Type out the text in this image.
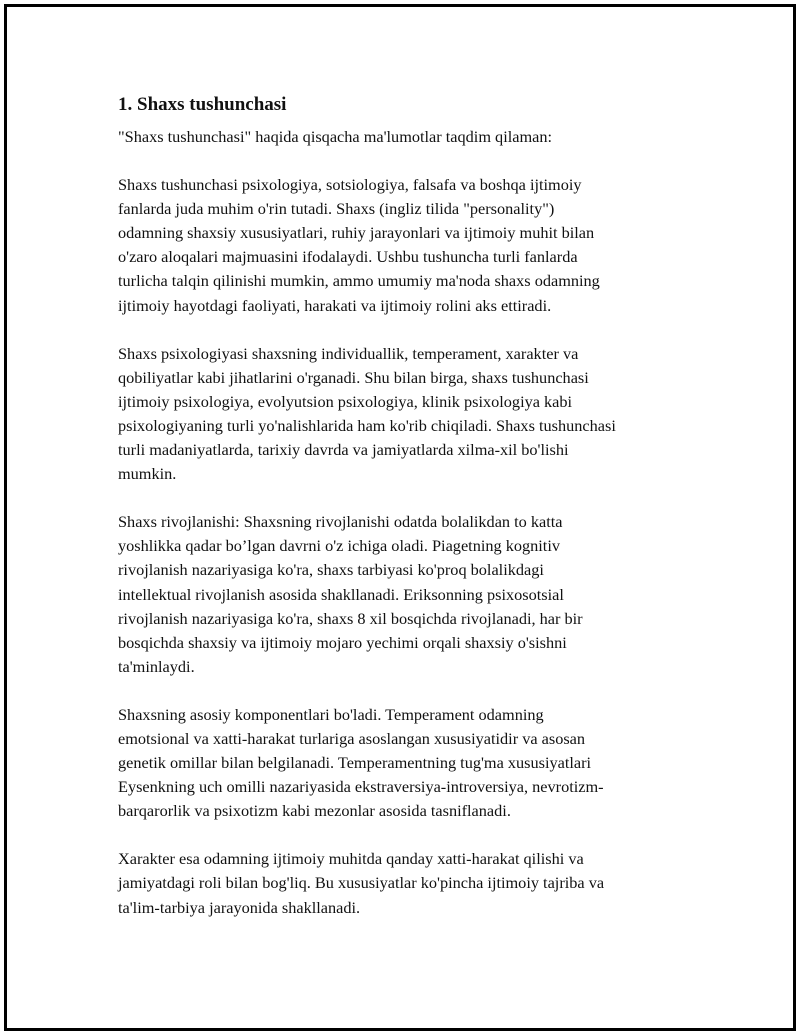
1. Shaxs tushunchasi
"Shaxs tushunchasi" haqida qisqacha ma'lumotlar taqdim qilaman:
Shaxs tushunchasi psixologiya, sotsiologiya, falsafa va boshqa ijtimoiy
fanlarda juda muhim o'rin tutadi. Shaxs (ingliz tilida "personality")
odamning shaxsiy xususiyatlari, ruhiy jarayonlari va ijtimoiy muhit bilan
o'zaro aloqalari majmuasini ifodalaydi. Ushbu tushuncha turli fanlarda
turlicha talqin qilinishi mumkin, ammo umumiy ma'noda shaxs odamning
ijtimoiy hayotdagi faoliyati, harakati va ijtimoiy rolini aks ettiradi.
Shaxs psixologiyasi shaxsning individuallik, temperament, xarakter va
qobiliyatlar kabi jihatlarini o'rganadi. Shu bilan birga, shaxs tushunchasi
ijtimoiy psixologiya, evolyutsion psixologiya, klinik psixologiya kabi
psixologiyaning turli yo'nalishlarida ham ko'rib chiqiladi. Shaxs tushunchasi
turli madaniyatlarda, tarixiy davrda va jamiyatlarda xilma-xil bo'lishi
mumkin.
Shaxs rivojlanishi: Shaxsning rivojlanishi odatda bolalikdan to katta
yoshlikka qadar bo’lgan davrni o'z ichiga oladi. Piagetning kognitiv
rivojlanish nazariyasiga ko'ra, shaxs tarbiyasi ko'proq bolalikdagi
intellektual rivojlanish asosida shakllanadi. Eriksonning psixosotsial
rivojlanish nazariyasiga ko'ra, shaxs 8 xil bosqichda rivojlanadi, har bir
bosqichda shaxsiy va ijtimoiy mojaro yechimi orqali shaxsiy o'sishni
ta'minlaydi.
Shaxsning asosiy komponentlari bo'ladi. Temperament odamning
emotsional va xatti-harakat turlariga asoslangan xususiyatidir va asosan
genetik omillar bilan belgilanadi. Temperamentning tug'ma xususiyatlari
Eysenkning uch omilli nazariyasida ekstraversiya-introversiya, nevrotizm-
barqarorlik va psixotizm kabi mezonlar asosida tasniflanadi.
Xarakter esa odamning ijtimoiy muhitda qanday xatti-harakat qilishi va
jamiyatdagi roli bilan bog'liq. Bu xususiyatlar ko'pincha ijtimoiy tajriba va
ta'lim-tarbiya jarayonida shakllanadi.
